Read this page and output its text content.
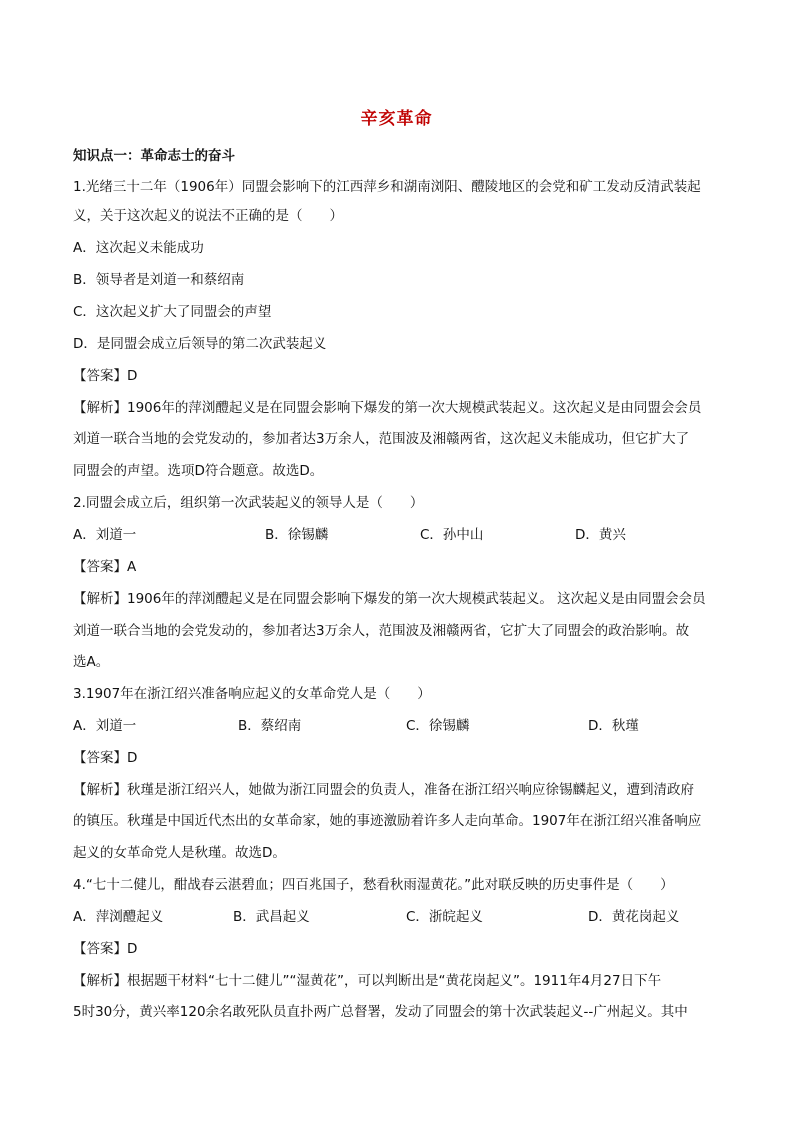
辛亥革命
知识点一：革命志士的奋斗
1.光绪三十二年（1906年）同盟会影响下的江西萍乡和湖南浏阳、醴陵地区的会党和矿工发动反清武装起
义，关于这次起义的说法不正确的是（　　）
A．这次起义未能成功
B．领导者是刘道一和蔡绍南
C．这次起义扩大了同盟会的声望
D．是同盟会成立后领导的第二次武装起义
【答案】D
【解析】1906年的萍浏醴起义是在同盟会影响下爆发的第一次大规模武装起义。这次起义是由同盟会会员
刘道一联合当地的会党发动的，参加者达3万余人，范围波及湘赣两省，这次起义未能成功，但它扩大了
同盟会的声望。选项D符合题意。故选D。
2.同盟会成立后，组织第一次武装起义的领导人是（　　）
A．刘道一	B．徐锡麟	C．孙中山	D．黄兴
【答案】A
【解析】1906年的萍浏醴起义是在同盟会影响下爆发的第一次大规模武装起义。 这次起义是由同盟会会员
刘道一联合当地的会党发动的，参加者达3万余人，范围波及湘赣两省，它扩大了同盟会的政治影响。故
选A。
3.1907年在浙江绍兴准备响应起义的女革命党人是（　　）
A．刘道一	B．蔡绍南	C．徐锡麟	D．秋瑾
【答案】D
【解析】秋瑾是浙江绍兴人，她做为浙江同盟会的负责人，准备在浙江绍兴响应徐锡麟起义，遭到清政府
的镇压。秋瑾是中国近代杰出的女革命家，她的事迹激励着许多人走向革命。1907年在浙江绍兴准备响应
起义的女革命党人是秋瑾。故选D。
4.“七十二健儿，酣战春云湛碧血；四百兆国子，愁看秋雨湿黄花。”此对联反映的历史事件是（　　）
A．萍浏醴起义	B．武昌起义	C．浙皖起义	D．黄花岗起义
【答案】D
【解析】根据题干材料“七十二健儿”“湿黄花”，可以判断出是“黄花岗起义”。1911年4月27日下午
5时30分，黄兴率120余名敢死队员直扑两广总督署，发动了同盟会的第十次武装起义--广州起义。其中
